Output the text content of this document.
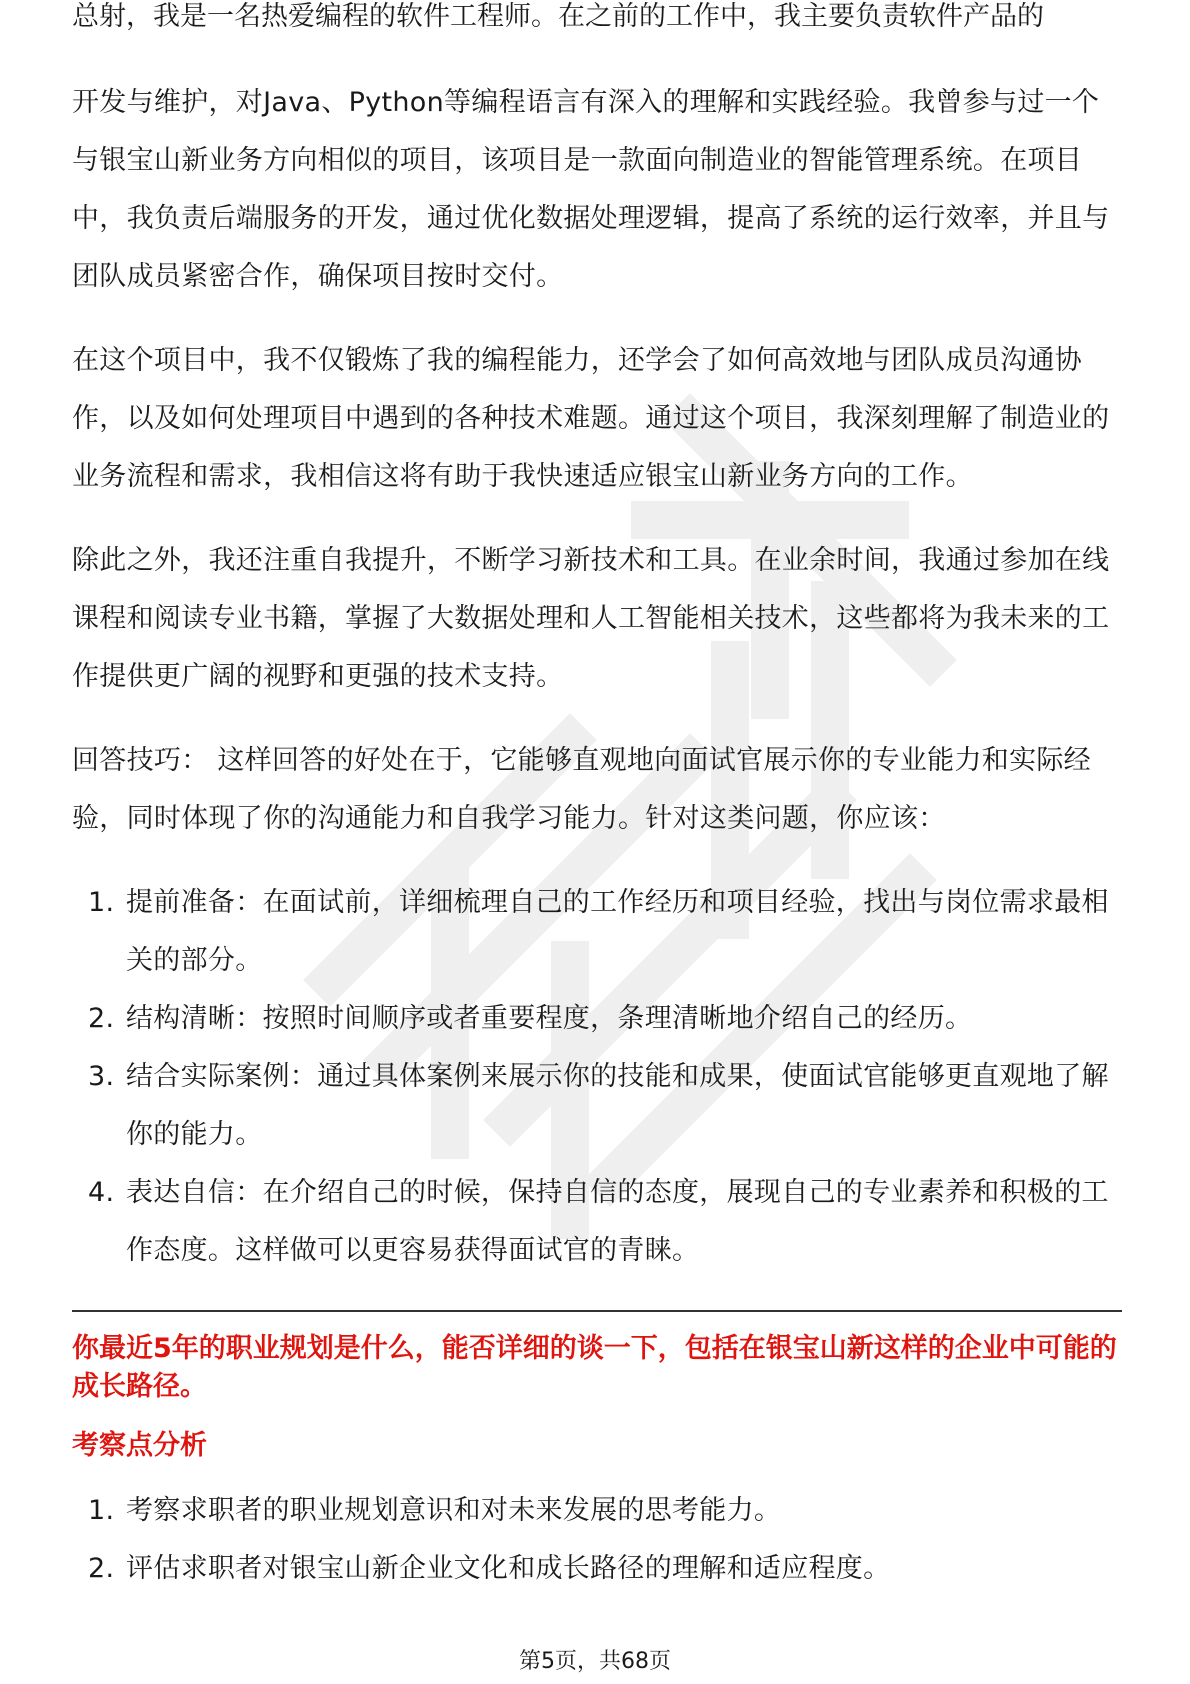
总射，我是一名热爱编程的软件工程师。在之前的工作中，我主要负责软件产品的

开发与维护，对Java、Python等编程语言有深入的理解和实践经验。我曾参与过一个与银宝山新业务方向相似的项目，该项目是一款面向制造业的智能管理系统。在项目中，我负责后端服务的开发，通过优化数据处理逻辑，提高了系统的运行效率，并且与团队成员紧密合作，确保项目按时交付。

在这个项目中，我不仅锻炼了我的编程能力，还学会了如何高效地与团队成员沟通协作，以及如何处理项目中遇到的各种技术难题。通过这个项目，我深刻理解了制造业的业务流程和需求，我相信这将有助于我快速适应银宝山新业务方向的工作。

除此之外，我还注重自我提升，不断学习新技术和工具。在业余时间，我通过参加在线课程和阅读专业书籍，掌握了大数据处理和人工智能相关技术，这些都将为我未来的工作提供更广阔的视野和更强的技术支持。

回答技巧： 这样回答的好处在于，它能够直观地向面试官展示你的专业能力和实际经验，同时体现了你的沟通能力和自我学习能力。针对这类问题，你应该：

1. 提前准备：在面试前，详细梳理自己的工作经历和项目经验，找出与岗位需求最相关的部分。
2. 结构清晰：按照时间顺序或者重要程度，条理清晰地介绍自己的经历。
3. 结合实际案例：通过具体案例来展示你的技能和成果，使面试官能够更直观地了解你的能力。
4. 表达自信：在介绍自己的时候，保持自信的态度，展现自己的专业素养和积极的工作态度。这样做可以更容易获得面试官的青睐。

你最近5年的职业规划是什么，能否详细的谈一下，包括在银宝山新这样的企业中可能的成长路径。

考察点分析

1. 考察求职者的职业规划意识和对未来发展的思考能力。
2. 评估求职者对银宝山新企业文化和成长路径的理解和适应程度。
第5页，共68页
